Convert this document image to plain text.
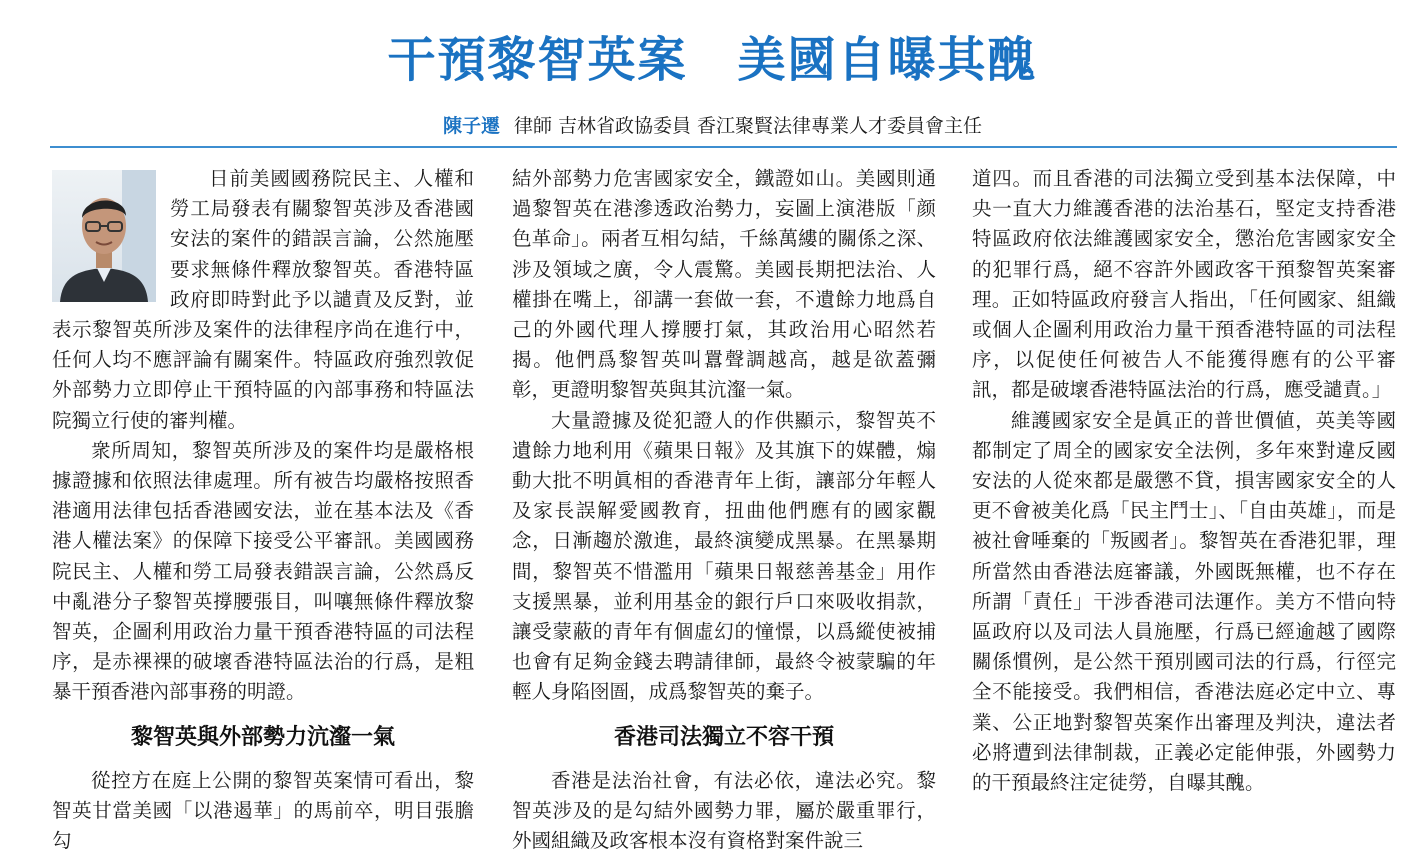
干預黎智英案　美國自曝其醜
陳子遷 律師 吉林省政協委員 香江聚賢法律專業人才委員會主任

日前美國國務院民主、人權和勞工局發表有關黎智英涉及香港國安法的案件的錯誤言論，公然施壓要求無條件釋放黎智英。香港特區政府即時對此予以譴責及反對，並表示黎智英所涉及案件的法律程序尚在進行中，任何人均不應評論有關案件。特區政府強烈敦促外部勢力立即停止干預特區的內部事務和特區法院獨立行使的審判權。

衆所周知，黎智英所涉及的案件均是嚴格根據證據和依照法律處理。所有被告均嚴格按照香港適用法律包括香港國安法，並在基本法及《香港人權法案》的保障下接受公平審訊。美國國務院民主、人權和勞工局發表錯誤言論，公然爲反中亂港分子黎智英撐腰張目，叫嚷無條件釋放黎智英，企圖利用政治力量干預香港特區的司法程序，是赤裸裸的破壞香港特區法治的行爲，是粗暴干預香港內部事務的明證。

黎智英與外部勢力沆瀣一氣

從控方在庭上公開的黎智英案情可看出，黎智英甘當美國「以港遏華」的馬前卒，明目張膽勾

結外部勢力危害國家安全，鐵證如山。美國則通過黎智英在港滲透政治勢力，妄圖上演港版「颜色革命」。兩者互相勾結，千絲萬縷的關係之深、涉及領域之廣，令人震驚。美國長期把法治、人權掛在嘴上，卻講一套做一套，不遺餘力地爲自己的外國代理人撐腰打氣，其政治用心昭然若揭。他們爲黎智英叫囂聲調越高，越是欲蓋彌彰，更證明黎智英與其沆瀣一氣。

大量證據及從犯證人的作供顯示，黎智英不遺餘力地利用《蘋果日報》及其旗下的媒體，煽動大批不明眞相的香港青年上街，讓部分年輕人及家長誤解愛國教育，扭曲他們應有的國家觀念，日漸趨於激進，最終演變成黑暴。在黑暴期間，黎智英不惜濫用「蘋果日報慈善基金」用作支援黑暴，並利用基金的銀行戶口來吸收捐款，讓受蒙蔽的青年有個虛幻的憧憬，以爲縱使被捕也會有足夠金錢去聘請律師，最終令被蒙騙的年輕人身陷囹圄，成爲黎智英的棄子。

香港司法獨立不容干預

香港是法治社會，有法必依，違法必究。黎智英涉及的是勾結外國勢力罪，屬於嚴重罪行，外國組織及政客根本沒有資格對案件說三

道四。而且香港的司法獨立受到基本法保障，中央一直大力維護香港的法治基石，堅定支持香港特區政府依法維護國家安全，懲治危害國家安全的犯罪行爲，絕不容許外國政客干預黎智英案審理。正如特區政府發言人指出，「任何國家、組織或個人企圖利用政治力量干預香港特區的司法程序，以促使任何被告人不能獲得應有的公平審訊，都是破壞香港特區法治的行爲，應受譴責。」

維護國家安全是眞正的普世價値，英美等國都制定了周全的國家安全法例，多年來對違反國安法的人從來都是嚴懲不貸，損害國家安全的人更不會被美化爲「民主鬥士」、「自由英雄」，而是被社會唾棄的「叛國者」。黎智英在香港犯罪，理所當然由香港法庭審議，外國既無權，也不存在所謂「責任」干涉香港司法運作。美方不惜向特區政府以及司法人員施壓，行爲已經逾越了國際關係慣例，是公然干預別國司法的行爲，行徑完全不能接受。我們相信，香港法庭必定中立、專業、公正地對黎智英案作出審理及判決，違法者必將遭到法律制裁，正義必定能伸張，外國勢力的干預最終注定徒勞，自曝其醜。
